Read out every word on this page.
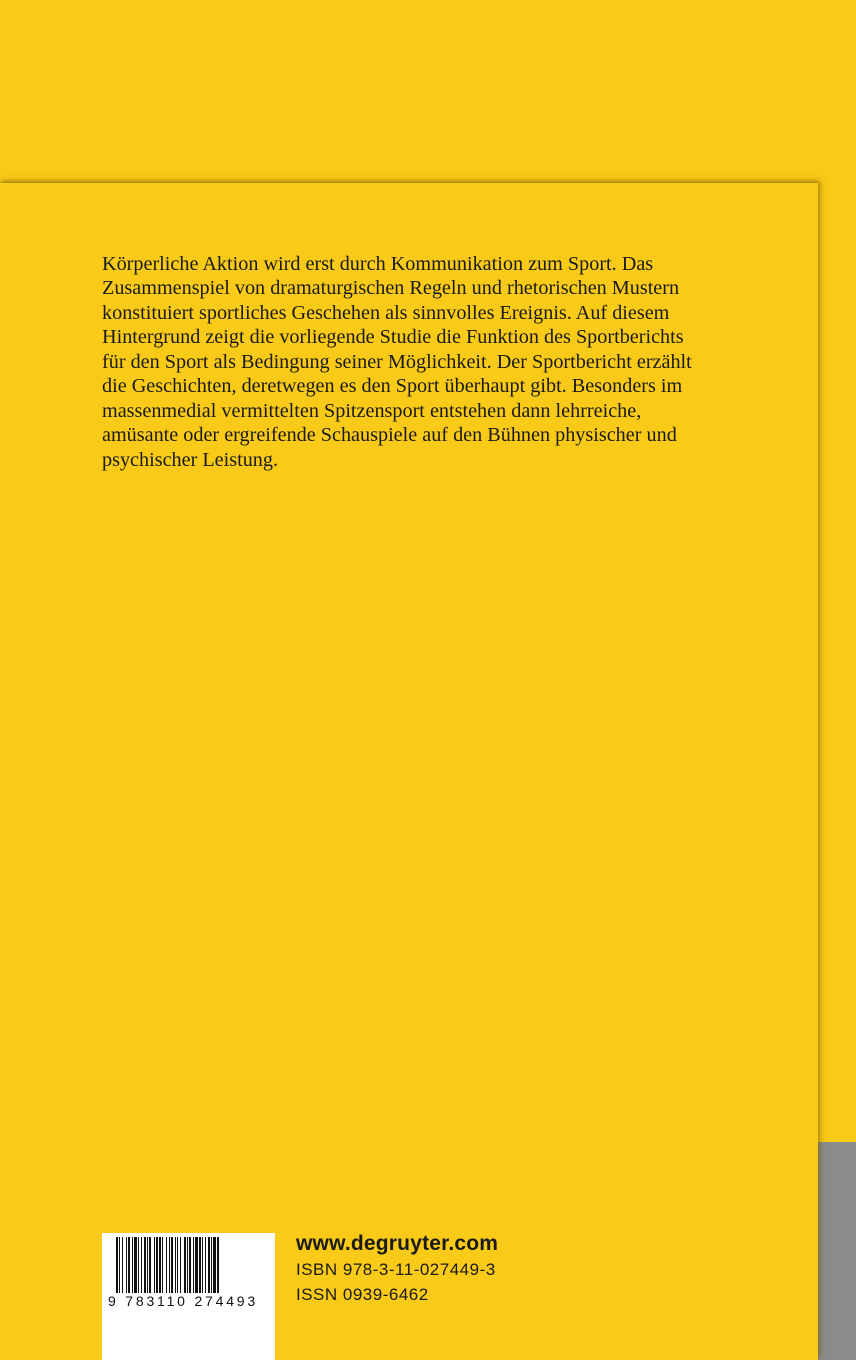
Körperliche Aktion wird erst durch Kommunikation zum Sport. Das
Zusammenspiel von dramaturgischen Regeln und rhetorischen Mustern
konstituiert sportliches Geschehen als sinnvolles Ereignis. Auf diesem
Hintergrund zeigt die vorliegende Studie die Funktion des Sportberichts
für den Sport als Bedingung seiner Möglichkeit. Der Sportbericht erzählt
die Geschichten, deretwegen es den Sport überhaupt gibt. Besonders im
massenmedial vermittelten Spitzensport entstehen dann lehrreiche,
amüsante oder ergreifende Schauspiele auf den Bühnen physischer und
psychischer Leistung.

9 783110 274493
www.degruyter.com
ISBN 978-3-11-027449-3
ISSN 0939-6462
